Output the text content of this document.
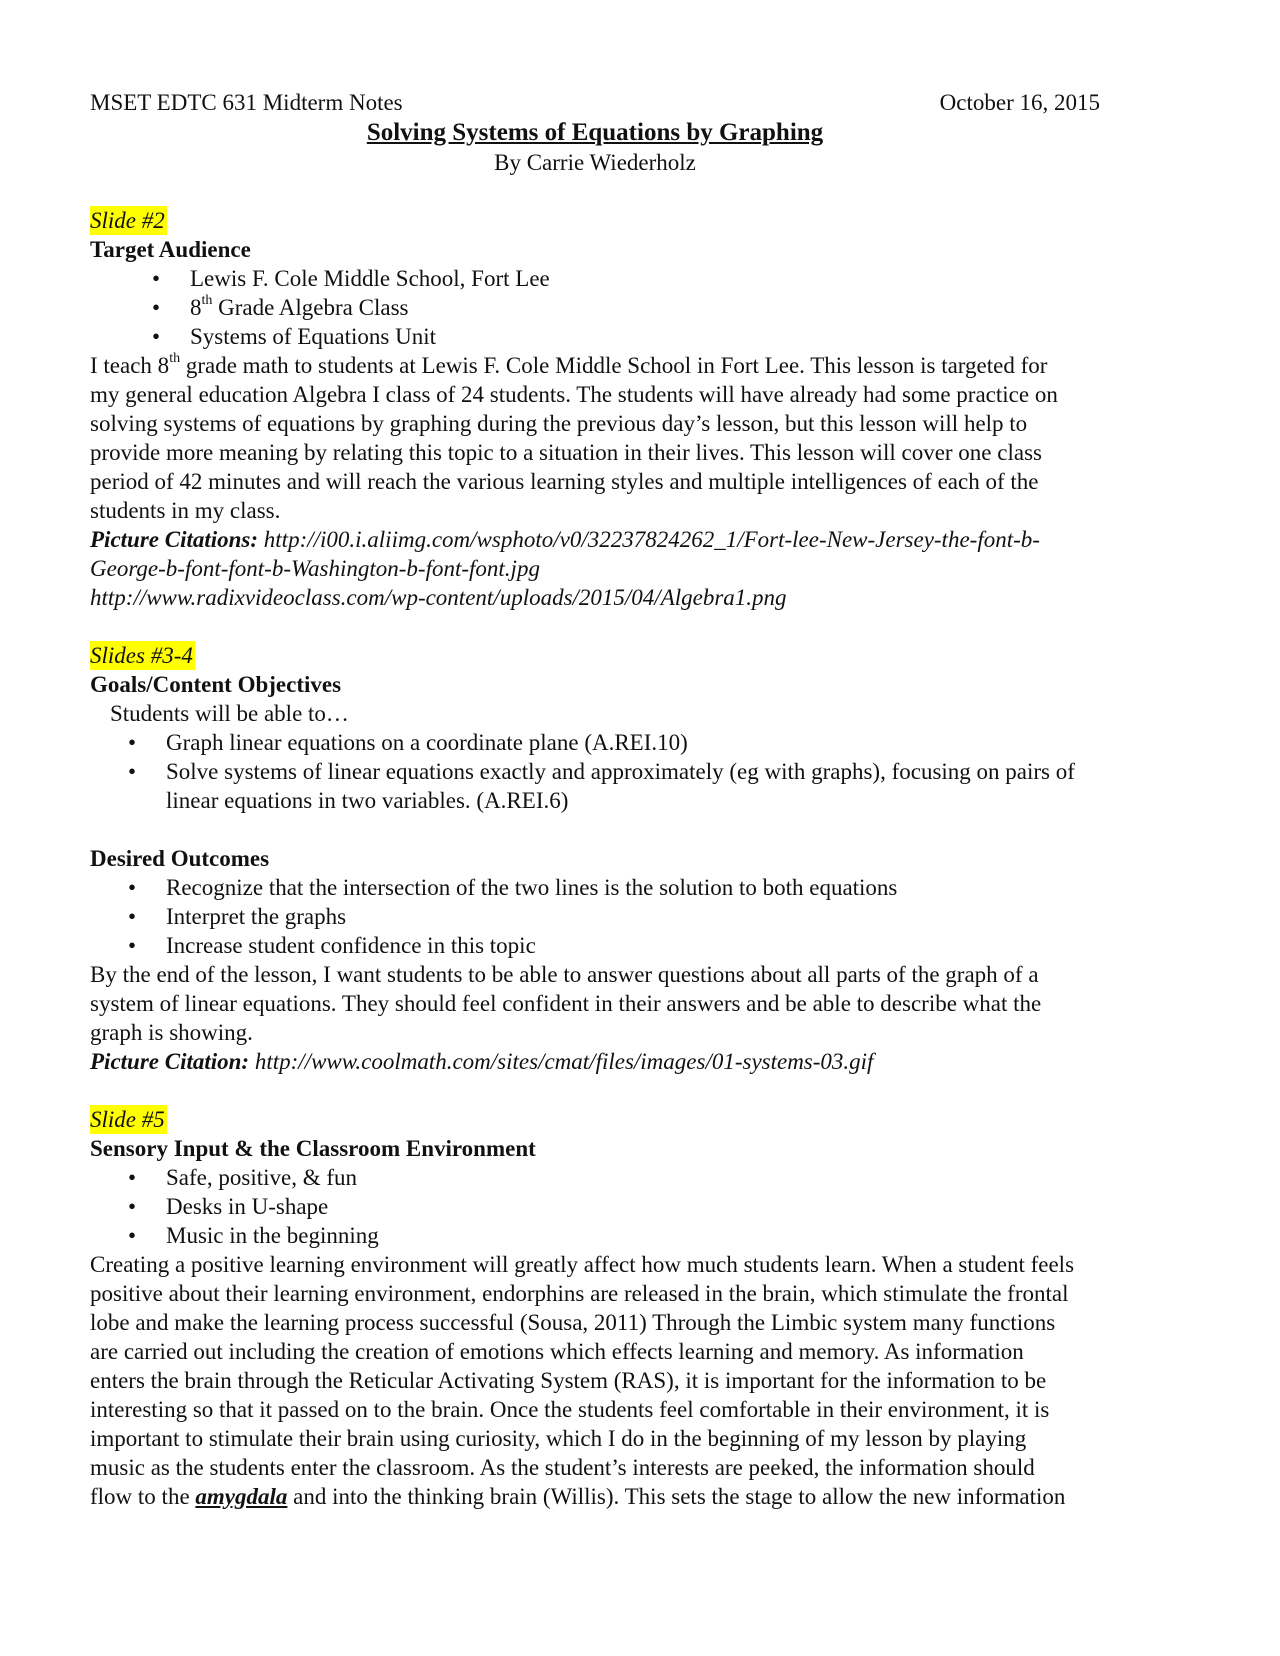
MSET EDTC 631 Midterm Notes	October 16, 2015
Solving Systems of Equations by Graphing
By Carrie Wiederholz
Slide #2
Target Audience
• Lewis F. Cole Middle School, Fort Lee
• 8th Grade Algebra Class
• Systems of Equations Unit
I teach 8th grade math to students at Lewis F. Cole Middle School in Fort Lee. This lesson is targeted for
my general education Algebra I class of 24 students. The students will have already had some practice on
solving systems of equations by graphing during the previous day’s lesson, but this lesson will help to
provide more meaning by relating this topic to a situation in their lives. This lesson will cover one class
period of 42 minutes and will reach the various learning styles and multiple intelligences of each of the
students in my class.
Picture Citations: http://i00.i.aliimg.com/wsphoto/v0/32237824262_1/Fort-lee-New-Jersey-the-font-b-
George-b-font-font-b-Washington-b-font-font.jpg
http://www.radixvideoclass.com/wp-content/uploads/2015/04/Algebra1.png
Slides #3-4
Goals/Content Objectives
Students will be able to…
• Graph linear equations on a coordinate plane (A.REI.10)
• Solve systems of linear equations exactly and approximately (eg with graphs), focusing on pairs of
linear equations in two variables. (A.REI.6)
Desired Outcomes
• Recognize that the intersection of the two lines is the solution to both equations
• Interpret the graphs
• Increase student confidence in this topic
By the end of the lesson, I want students to be able to answer questions about all parts of the graph of a
system of linear equations. They should feel confident in their answers and be able to describe what the
graph is showing.
Picture Citation: http://www.coolmath.com/sites/cmat/files/images/01-systems-03.gif
Slide #5
Sensory Input & the Classroom Environment
• Safe, positive, & fun
• Desks in U-shape
• Music in the beginning
Creating a positive learning environment will greatly affect how much students learn. When a student feels
positive about their learning environment, endorphins are released in the brain, which stimulate the frontal
lobe and make the learning process successful (Sousa, 2011) Through the Limbic system many functions
are carried out including the creation of emotions which effects learning and memory. As information
enters the brain through the Reticular Activating System (RAS), it is important for the information to be
interesting so that it passed on to the brain. Once the students feel comfortable in their environment, it is
important to stimulate their brain using curiosity, which I do in the beginning of my lesson by playing
music as the students enter the classroom. As the student’s interests are peeked, the information should
flow to the amygdala and into the thinking brain (Willis). This sets the stage to allow the new information
